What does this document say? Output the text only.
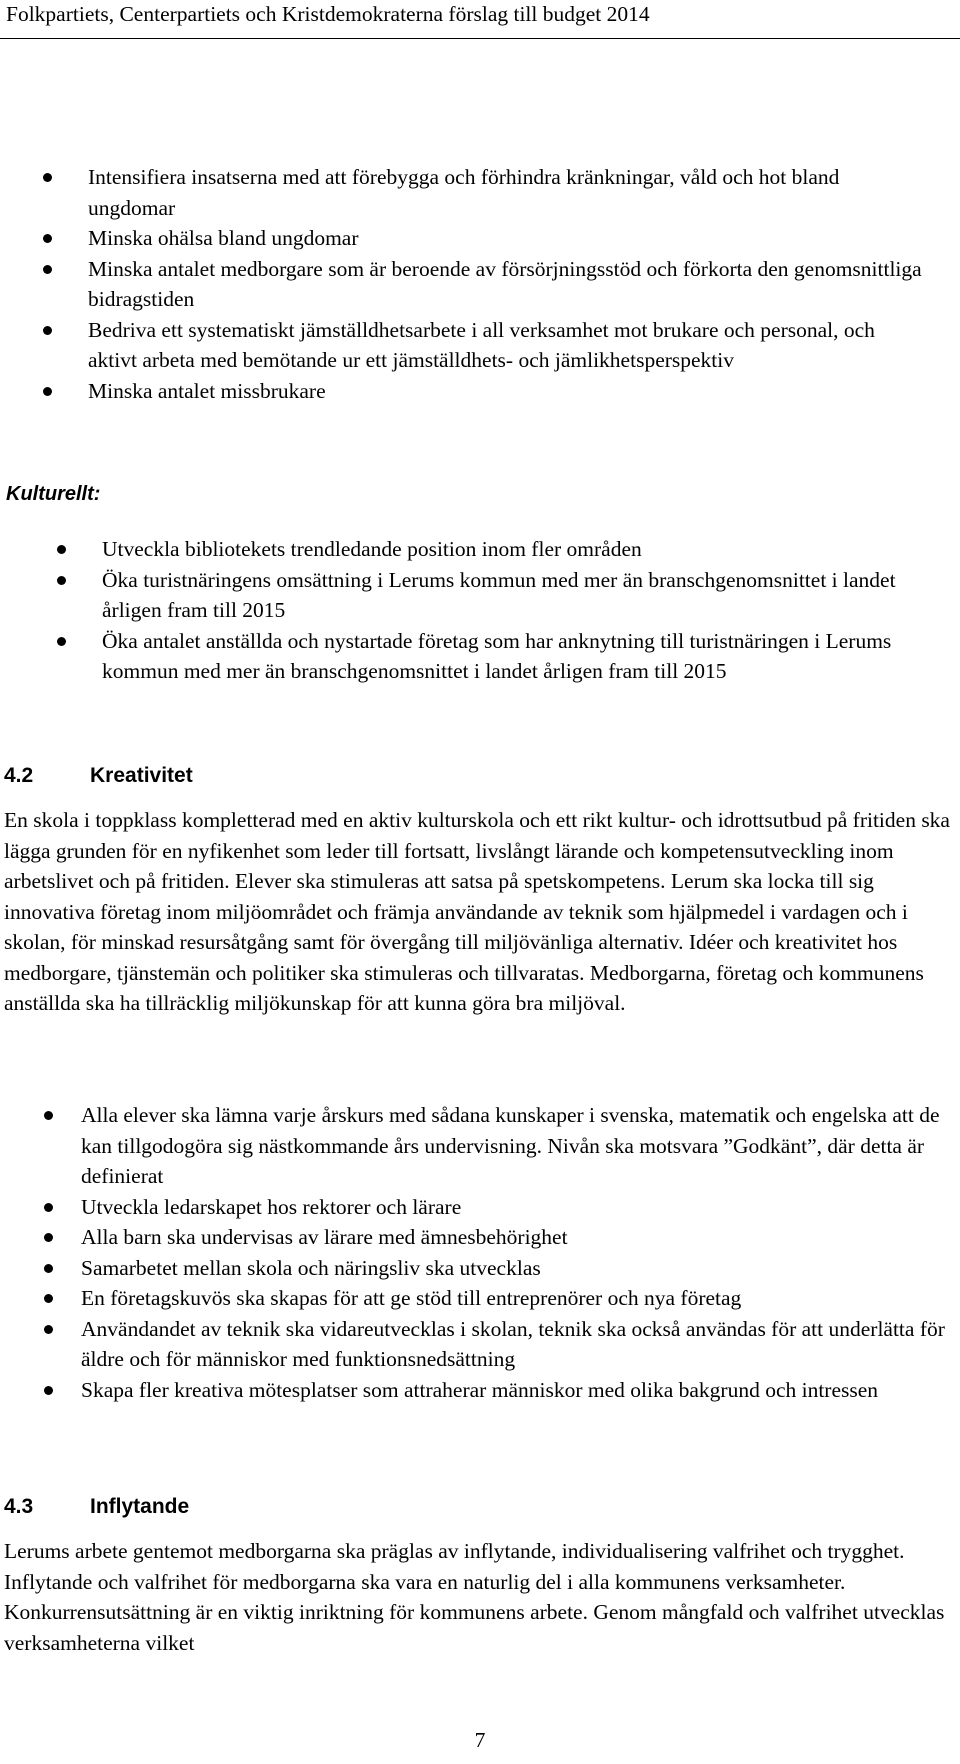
Folkpartiets, Centerpartiets och Kristdemokraterna förslag till budget 2014
Intensifiera insatserna med att förebygga och förhindra kränkningar, våld och hot bland ungdomar
Minska ohälsa bland ungdomar
Minska antalet medborgare som är beroende av försörjningsstöd och förkorta den genomsnittliga bidragstiden
Bedriva ett systematiskt jämställdhetsarbete i all verksamhet mot brukare och personal, och aktivt arbeta med bemötande ur ett jämställdhets- och jämlikhetsperspektiv
Minska antalet missbrukare
Kulturellt:
Utveckla bibliotekets trendledande position inom fler områden
Öka turistnäringens omsättning i Lerums kommun med mer än branschgenomsnittet i landet årligen fram till 2015
Öka antalet anställda och nystartade företag som har anknytning till turistnäringen i Lerums kommun med mer än branschgenomsnittet i landet årligen fram till 2015
4.2	Kreativitet

En skola i toppklass kompletterad med en aktiv kulturskola och ett rikt kultur- och idrottsutbud på fritiden ska lägga grunden för en nyfikenhet som leder till fortsatt, livslångt lärande och kompetensutveckling inom arbetslivet och på fritiden. Elever ska stimuleras att satsa på spetskompetens. Lerum ska locka till sig innovativa företag inom miljöområdet och främja användande av teknik som hjälpmedel i vardagen och i skolan, för minskad resursåtgång samt för övergång till miljövänliga alternativ. Idéer och kreativitet hos medborgare, tjänstemän och politiker ska stimuleras och tillvaratas. Medborgarna, företag och kommunens anställda ska ha tillräcklig miljökunskap för att kunna göra bra miljöval.

Alla elever ska lämna varje årskurs med sådana kunskaper i svenska, matematik och engelska att de kan tillgodogöra sig nästkommande års undervisning. Nivån ska motsvara ”Godkänt”, där detta är definierat
Utveckla ledarskapet hos rektorer och lärare
Alla barn ska undervisas av lärare med ämnesbehörighet
Samarbetet mellan skola och näringsliv ska utvecklas
En företagskuvös ska skapas för att ge stöd till entreprenörer och nya företag
Användandet av teknik ska vidareutvecklas i skolan, teknik ska också användas för att underlätta för äldre och för människor med funktionsnedsättning
Skapa fler kreativa mötesplatser som attraherar människor med olika bakgrund och intressen
4.3	Inflytande

Lerums arbete gentemot medborgarna ska präglas av inflytande, individualisering valfrihet och trygghet. Inflytande och valfrihet för medborgarna ska vara en naturlig del i alla kommunens verksamheter. Konkurrensutsättning är en viktig inriktning för kommunens arbete. Genom mångfald och valfrihet utvecklas verksamheterna vilket

7
